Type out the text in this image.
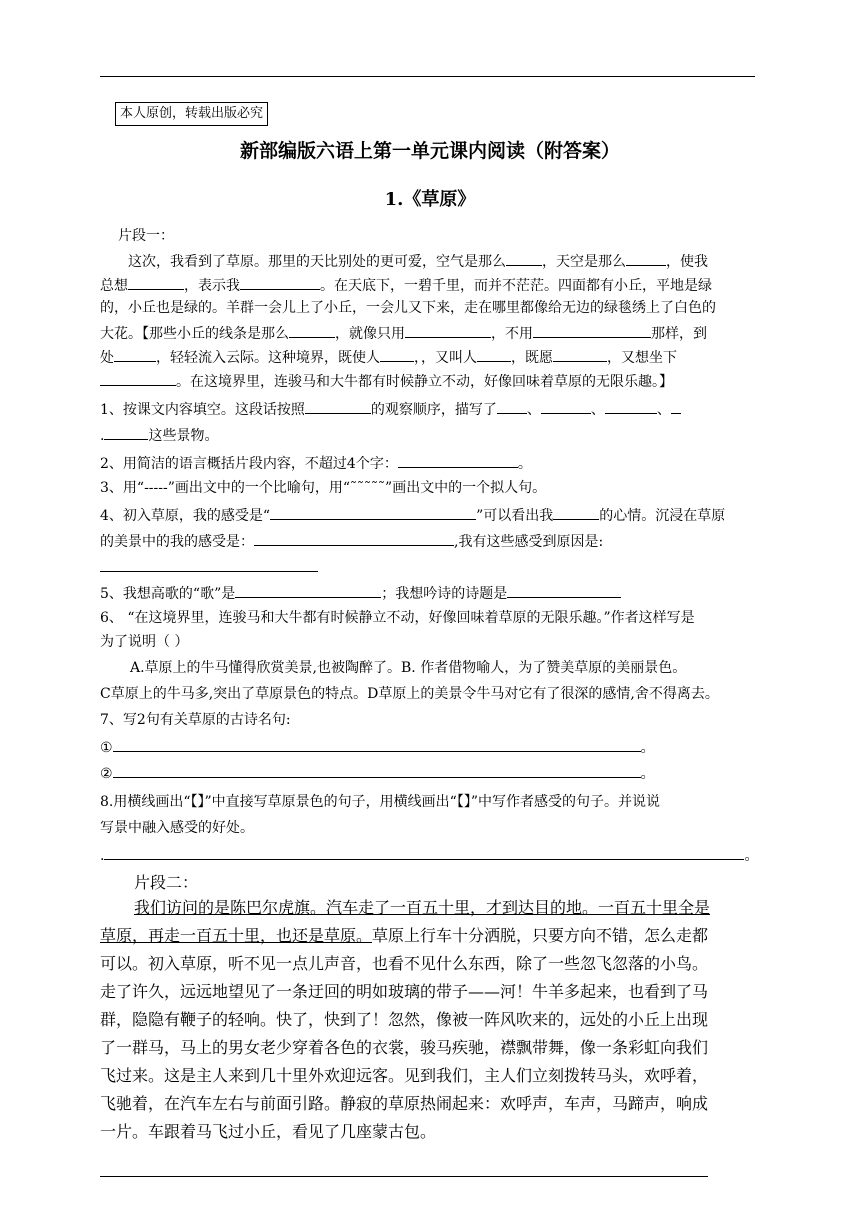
本人原创，转载出版必究
新部编版六语上第一单元课内阅读（附答案）
1.《草原》
片段一：
这次，我看到了草原。那里的天比别处的更可爱，空气是那么	，天空是那么	，使我
总想	，表示我	。在天底下，一碧千里，而并不茫茫。四面都有小丘，平地是绿
的，小丘也是绿的。羊群一会儿上了小丘，一会儿又下来，走在哪里都像给无边的绿毯绣上了白色的
大花。【那些小丘的线条是那么	，就像只用	，不用	那样，到
处	，轻轻流入云际。这种境界，既使人 ，，又叫人 ，既愿	，又想坐下
。在这境界里，连骏马和大牛都有时候静立不动，好像回味着草原的无限乐趣。】
1、按课文内容填空。这段话按照	的观察顺序，描写了 、	、	、
.	这些景物。
2、用简洁的语言概括片段内容，不超过4个字：	。
3、用“-----”画出文中的一个比喻句，用“˜˜˜˜˜”画出文中的一个拟人句。
4、初入草原，我的感受是“	”可以看出我	的心情。沉浸在草原
的美景中的我的感受是：	,我有这些感受到原因是:
5、我想高歌的“歌”是	；我想吟诗的诗题是
6、 “在这境界里，连骏马和大牛都有时候静立不动，好像回味着草原的无限乐趣。”作者这样写是
为了说明（ ）
A.草原上的牛马懂得欣赏美景,也被陶醉了。B. 作者借物喻人，为了赞美草原的美丽景色。
C草原上的牛马多,突出了草原景色的特点。D草原上的美景令牛马对它有了很深的感情,舍不得离去。
7、写2句有关草原的古诗名句:
①	。
②	。
8.用横线画出“【】”中直接写草原景色的句子，用横线画出“【】”中写作者感受的句子。并说说
写景中融入感受的好处。
.	。
片段二：
我们访问的是陈巴尔虎旗。汽车走了一百五十里，才到达目的地。一百五十里全是
草原，再走一百五十里，也还是草原。草原上行车十分洒脱，只要方向不错，怎么走都
可以。初入草原，听不见一点儿声音，也看不见什么东西，除了一些忽飞忽落的小鸟。
走了许久，远远地望见了一条迂回的明如玻璃的带子——河！牛羊多起来，也看到了马
群，隐隐有鞭子的轻响。快了，快到了！忽然，像被一阵风吹来的，远处的小丘上出现
了一群马，马上的男女老少穿着各色的衣裳，骏马疾驰，襟飘带舞，像一条彩虹向我们
飞过来。这是主人来到几十里外欢迎远客。见到我们，主人们立刻拨转马头，欢呼着，
飞驰着，在汽车左右与前面引路。静寂的草原热闹起来：欢呼声，车声，马蹄声，响成
一片。车跟着马飞过小丘，看见了几座蒙古包。
